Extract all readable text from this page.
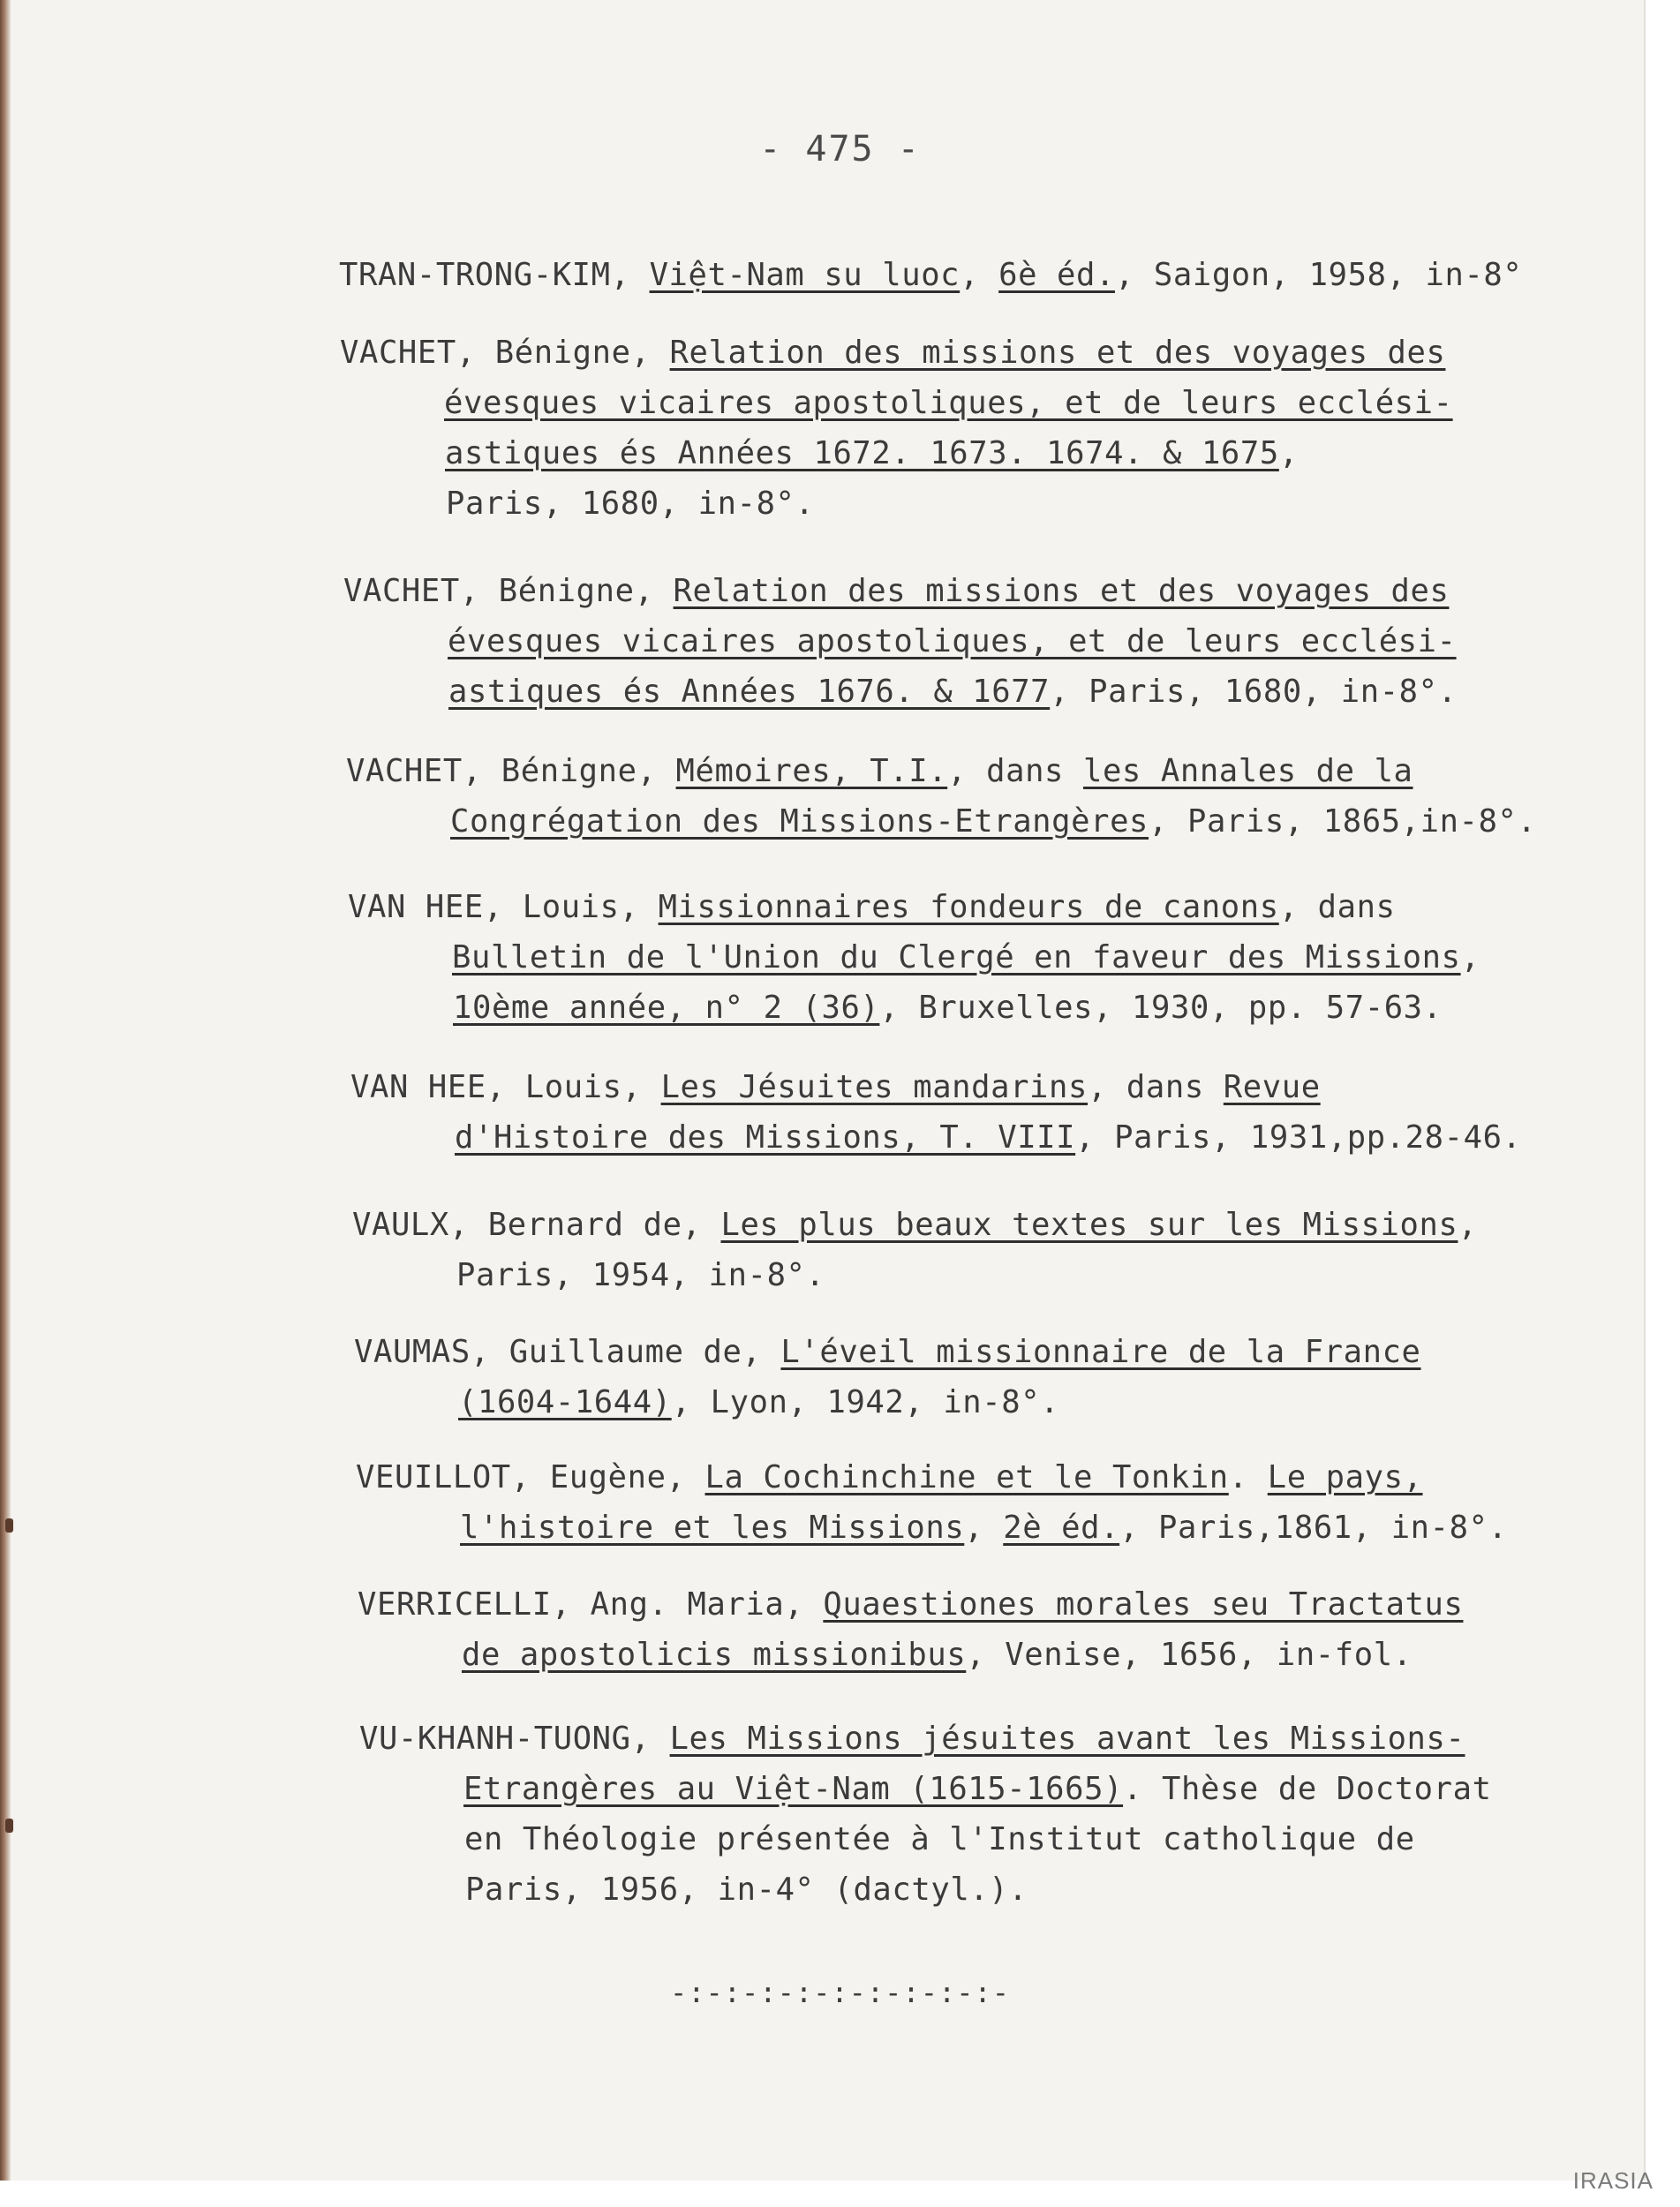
- 475 -
TRAN-TRONG-KIM, Việt-Nam su luoc, 6è éd., Saigon, 1958, in-8°
VACHET, Bénigne, Relation des missions et des voyages des
évesques vicaires apostoliques, et de leurs ecclési-
astiques és Années 1672. 1673. 1674. & 1675,
Paris, 1680, in-8°.
VACHET, Bénigne, Relation des missions et des voyages des
évesques vicaires apostoliques, et de leurs ecclési-
astiques és Années 1676. & 1677, Paris, 1680, in-8°.
VACHET, Bénigne, Mémoires, T.I., dans les Annales de la
Congrégation des Missions-Etrangères, Paris, 1865,in-8°.
VAN HEE, Louis, Missionnaires fondeurs de canons, dans
Bulletin de l'Union du Clergé en faveur des Missions,
10ème année, n° 2 (36), Bruxelles, 1930, pp. 57-63.
VAN HEE, Louis, Les Jésuites mandarins, dans Revue
d'Histoire des Missions, T. VIII, Paris, 1931,pp.28-46.
VAULX, Bernard de, Les plus beaux textes sur les Missions,
Paris, 1954, in-8°.
VAUMAS, Guillaume de, L'éveil missionnaire de la France
(1604-1644), Lyon, 1942, in-8°.
VEUILLOT, Eugène, La Cochinchine et le Tonkin. Le pays,
l'histoire et les Missions, 2è éd., Paris,1861, in-8°.
VERRICELLI, Ang. Maria, Quaestiones morales seu Tractatus
de apostolicis missionibus, Venise, 1656, in-fol.
VU-KHANH-TUONG, Les Missions jésuites avant les Missions-
Etrangères au Việt-Nam (1615-1665). Thèse de Doctorat
en Théologie présentée à l'Institut catholique de
Paris, 1956, in-4° (dactyl.).
-:-:-:-:-:-:-:-:-:-
IRASIA
